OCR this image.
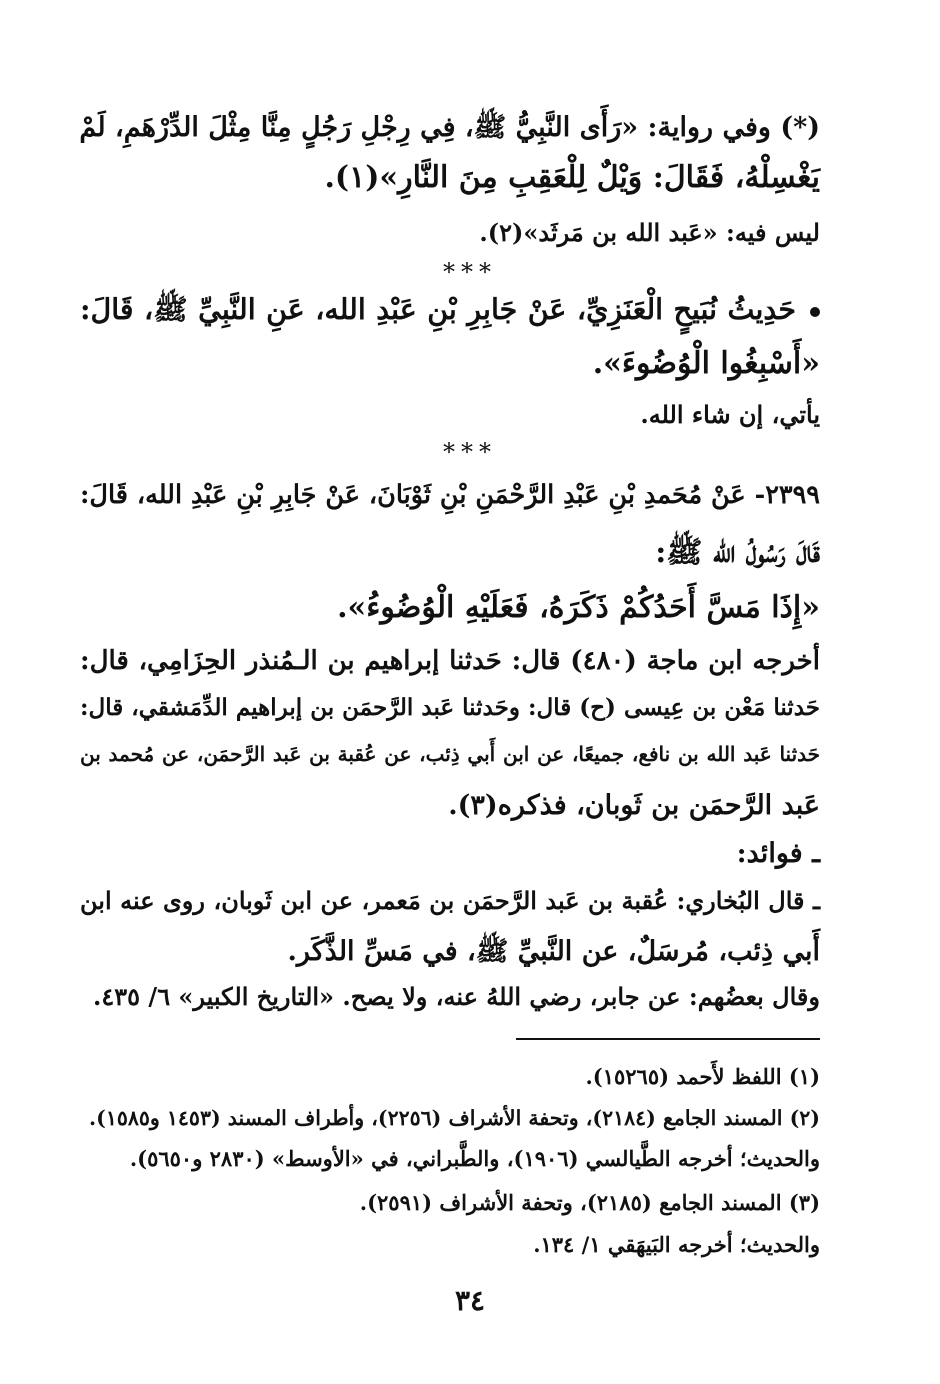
(*) وفي رواية: «رَأَى النَّبِيُّ ﷺ، فِي رِجْلِ رَجُلٍ مِنَّا مِثْلَ الدِّرْهَمِ، لَمْ
يَغْسِلْهُ، فَقَالَ: وَيْلٌ لِلْعَقِبِ مِنَ النَّارِ»(١).
ليس فيه: «عَبد الله بن مَرثَد»(٢).
***
حَدِيثُ نُبَيحٍ الْعَنَزِيِّ، عَنْ جَابِرِ بْنِ عَبْدِ الله، عَنِ النَّبِيِّ ﷺ، قَالَ:
«أَسْبِغُوا الْوُضُوءَ».
يأتي، إن شاء الله.
***
٢٣٩٩- عَنْ مُحَمدِ بْنِ عَبْدِ الرَّحْمَنِ بْنِ ثَوْبَانَ، عَنْ جَابِرِ بْنِ عَبْدِ الله، قَالَ:
قَالَ رَسُولُ الله ﷺ:
«إِذَا مَسَّ أَحَدُكُمْ ذَكَرَهُ، فَعَلَيْهِ الْوُضُوءُ».
أخرجه ابن ماجة (٤٨٠) قال: حَدثنا إبراهيم بن الـمُنذر الحِزَامِي، قال:
حَدثنا مَعْن بن عِيسى (ح) قال: وحَدثنا عَبد الرَّحمَن بن إبراهيم الدِّمَشقي، قال:
حَدثنا عَبد الله بن نافع، جميعًا، عن ابن أَبي ذِئب، عن عُقبة بن عَبد الرَّحمَن، عن مُحمد بن
عَبد الرَّحمَن بن ثَوبان، فذكره(٣).
ـ فوائد:
ـ قال البُخاري: عُقبة بن عَبد الرَّحمَن بن مَعمر، عن ابن ثَوبان، روى عنه ابن
أَبي ذِئب، مُرسَلٌ، عن النَّبيِّ ﷺ، في مَسِّ الذَّكَر.
وقال بعضُهم: عن جابر، رضي اللهُ عنه، ولا يصح. «التاريخ الكبير» ٦/ ٤٣٥.
(١) اللفظ لأَحمد (١٥٢٦٥).
(٢) المسند الجامع (٢١٨٤)، وتحفة الأشراف (٢٢٥٦)، وأطراف المسند (١٤٥٣ و١٥٨٥).
والحديث؛ أخرجه الطَّيالسي (١٩٠٦)، والطَّبراني، في «الأوسط» (٢٨٣٠ و٥٦٥٠).
(٣) المسند الجامع (٢١٨٥)، وتحفة الأشراف (٢٥٩١).
والحديث؛ أخرجه البَيهَقي ١/ ١٣٤.
٣٤
